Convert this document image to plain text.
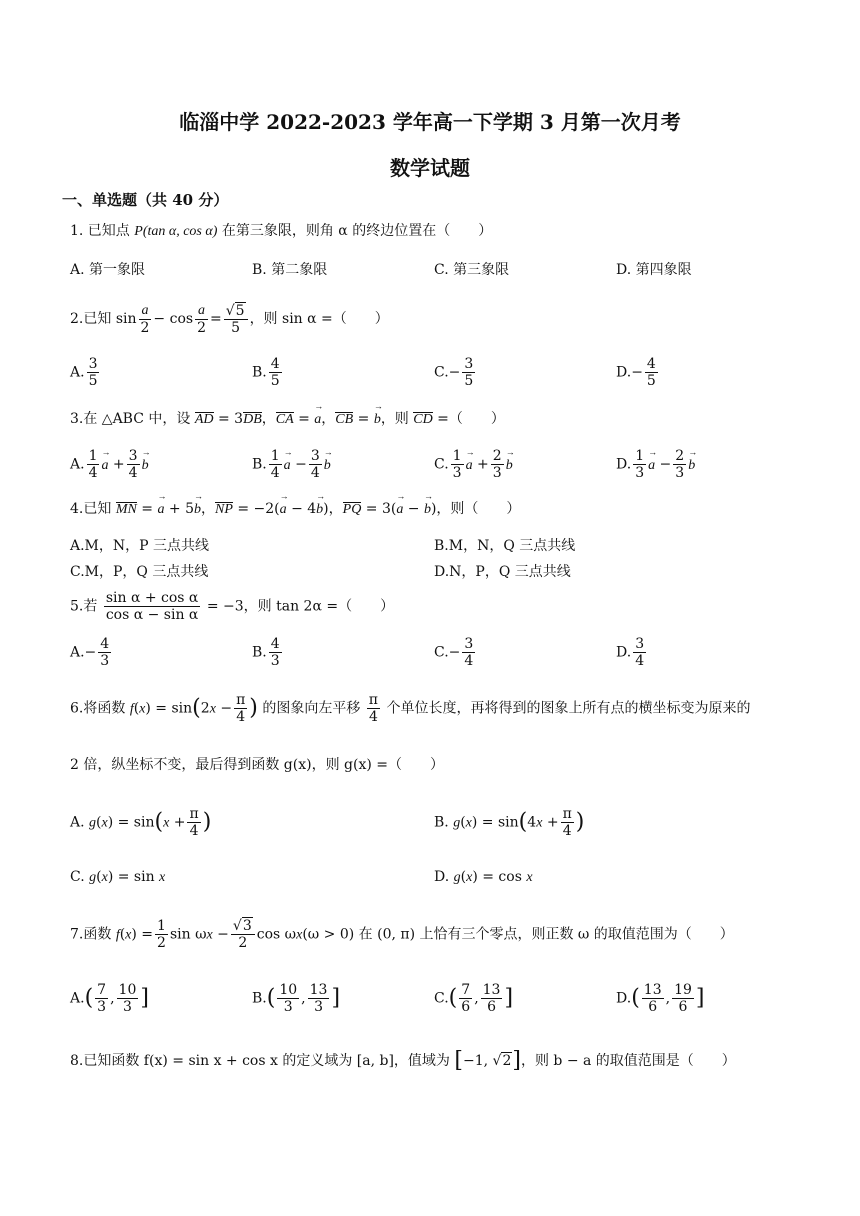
临淄中学 2022-2023 学年高一下学期 3 月第一次月考
数学试题
一、单选题（共 40 分）
1. 已知点 P(tan α, cos α) 在第三象限，则角 α 的终边位置在（　　）
A. 第一象限	B. 第二象限	C. 第三象限	D. 第四象限
2.已知 $\sin \frac{a}{2} - \cos \frac{a}{2} = \frac{√5}{5}$ ，则 sin α =（　　）
A. $\frac{3}{5}$	B. $\frac{4}{5}$	$C.- \frac{3}{5}$	$D.- \frac{4}{5}$
3.在 △ABC 中，设 AD = 3DB，CA = a →，CB = b →，则 CD =（　　）
A. $\frac{1}{4}$ a → + $\frac{3}{4}$ b →	B. $\frac{1}{4}$ a → − $\frac{3}{4}$ b →	C. $\frac{1}{3}$ a → + $\frac{2}{3}$ b →	D. $\frac{1}{3}$ a → − $\frac{2}{3}$ b →
4.已知 MN = a → + 5b →，NP = −2(a → − 4b →)，PQ = 3(a → − b →)，则（　　）
A.M，N，P 三点共线	B.M，N，Q 三点共线
C.M，P，Q 三点共线	D.N，P，Q 三点共线
5.若 $\frac{\text{sin α + cos α}}{\text{cos α − sin α}} = -3$，则 tan 2α =（　　）
$A.- \frac{4}{3}$	B. $\frac{4}{3}$	$C.- \frac{3}{4}$	D. $\frac{3}{4}$
6.将函数 $f(x) = \sin(2x - \frac{\pi}{4}$ ) 的图象向左平移 $\frac{\pi}{4}$ 个单位长度，再将得到的图象上所有点的横坐标变为原来的
2 倍，纵坐标不变，最后得到函数 g(x)，则 g(x) =（　　）
A. $g(x) = \sin(x + \frac{\pi}{4}$ )	B. $g(x) = \sin(4x + \frac{\pi}{4}$ )
C. g(x) = sin x	D. g(x) = cos x
7.函数 $f(x) = \frac{1}{2}$ $\sin \omega x - \frac{√3}{2}$ cos ωx(ω > 0) 在 (0, π) 上恰有三个零点，则正数 ω 的取值范围为（　　）
$A.( \frac{7}{3}$ , $\frac{10}{3}$ ]	$B.( \frac{10}{3}$ , $\frac{13}{3}$ ]	$C.( \frac{7}{6}$ , $\frac{13}{6}$ ]	$D.( \frac{13}{6}$ , $\frac{19}{6}$ ]
8.已知函数 f(x) = sin x + cos x 的定义域为 [a, b]，值域为 [−1, √2]，则 b − a 的取值范围是（　　）
